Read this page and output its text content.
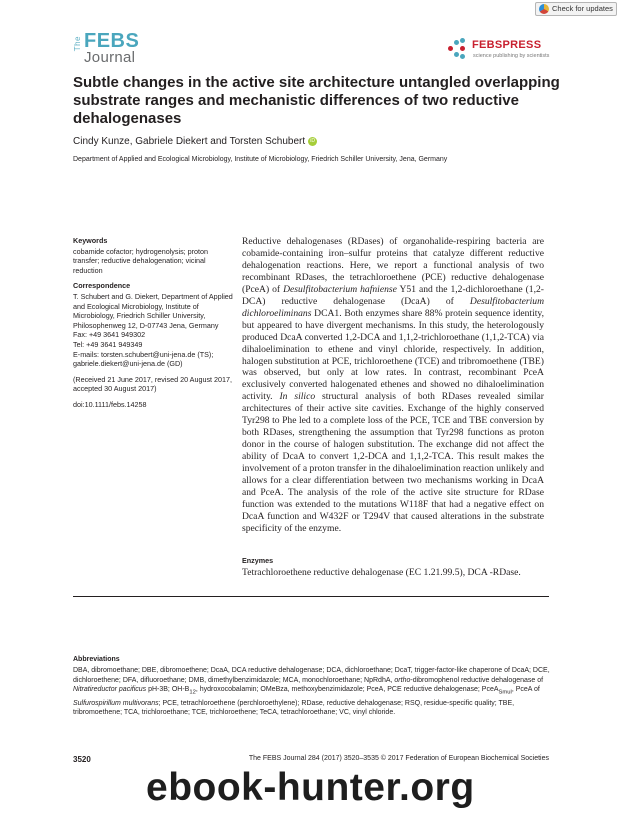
Check for updates
The FEBS
Journal
FEBSPRESS
science publishing by scientists
Subtle changes in the active site architecture untangled overlapping substrate ranges and mechanistic differences of two reductive dehalogenases
Cindy Kunze, Gabriele Diekert and Torsten Schubert iD
Department of Applied and Ecological Microbiology, Institute of Microbiology, Friedrich Schiller University, Jena, Germany

Keywords

cobamide cofactor; hydrogenolysis; proton transfer; reductive dehalogenation; vicinal reduction

Correspondence

T. Schubert and G. Diekert, Department of Applied and Ecological Microbiology, Institute of Microbiology, Friedrich Schiller University, Philosophenweg 12, D-07743 Jena, Germany

Fax: +49 3641 949302

Tel: +49 3641 949349

E-mails: torsten.schubert@uni-jena.de (TS); gabriele.diekert@uni-jena.de (GD)

(Received 21 June 2017, revised 20 August 2017, accepted 30 August 2017)

doi:10.1111/febs.14258

Reductive dehalogenases (RDases) of organohalide-respiring bacteria are cobamide-containing iron–sulfur proteins that catalyze different reductive dehalogenation reactions. Here, we report a functional analysis of two recombinant RDases, the tetrachloroethene (PCE) reductive dehalogenase (PceA) of Desulfitobacterium hafniense Y51 and the 1,2-dichloroethane (1,2-DCA) reductive dehalogenase (DcaA) of Desulfitobacterium dichloroeliminans DCA1. Both enzymes share 88% protein sequence identity, but appeared to have divergent mechanisms. In this study, the heterologously produced DcaA converted 1,2-DCA and 1,1,2-trichloroethane (1,1,2-TCA) via dihaloelimination to ethene and vinyl chloride, respectively. In addition, halogen substitution at PCE, trichloroethene (TCE) and tribromoethene (TBE) was observed, but only at low rates. In contrast, recombinant PceA exclusively converted halogenated ethenes and showed no dihaloelimination activity. In silico structural analysis of both RDases revealed similar architectures of their active site cavities. Exchange of the highly conserved Tyr298 to Phe led to a complete loss of the PCE, TCE and TBE conversion by both RDases, strengthening the assumption that Tyr298 functions as proton donor in the course of halogen substitution. The exchange did not affect the ability of DcaA to convert 1,2-DCA and 1,1,2-TCA. This result makes the involvement of a proton transfer in the dihaloelimination reaction unlikely and allows for a clear differentiation between two mechanisms working in DcaA and PceA. The analysis of the role of the active site structure for RDase function was extended to the mutations W118F that had a negative effect on DcaA function and W432F or T294V that caused alterations in the substrate specificity of the enzyme.
Enzymes
Tetrachloroethene reductive dehalogenase (EC 1.21.99.5), DCA -RDase.
Abbreviations
DBA, dibromoethane; DBE, dibromoethene; DcaA, DCA reductive dehalogenase; DCA, dichloroethane; DcaT, trigger-factor-like chaperone of DcaA; DCE, dichloroethene; DFA, difluoroethane; DMB, dimethylbenzimidazole; MCA, monochloroethane; NpRdhA, ortho-dibromophenol reductive dehalogenase of Nitratireductor pacificus pH-3B; $OH-B_{12}$, hydroxocobalamin; OMeBza, methoxybenzimidazole; PceA, PCE reductive dehalogenase; PceA$_{Smul}$, PceA of Sulfurospirillum multivorans; PCE, tetrachloroethene (perchloroethylene); RDase, reductive dehalogenase; RSQ, residue-specific quality; TBE, tribromoethene; TCA, trichloroethane; TCE, trichloroethene; TeCA, tetrachloroethane; VC, vinyl chloride.
3520	The FEBS Journal 284 (2017) 3520–3535 © 2017 Federation of European Biochemical Societies
ebook-hunter.org
